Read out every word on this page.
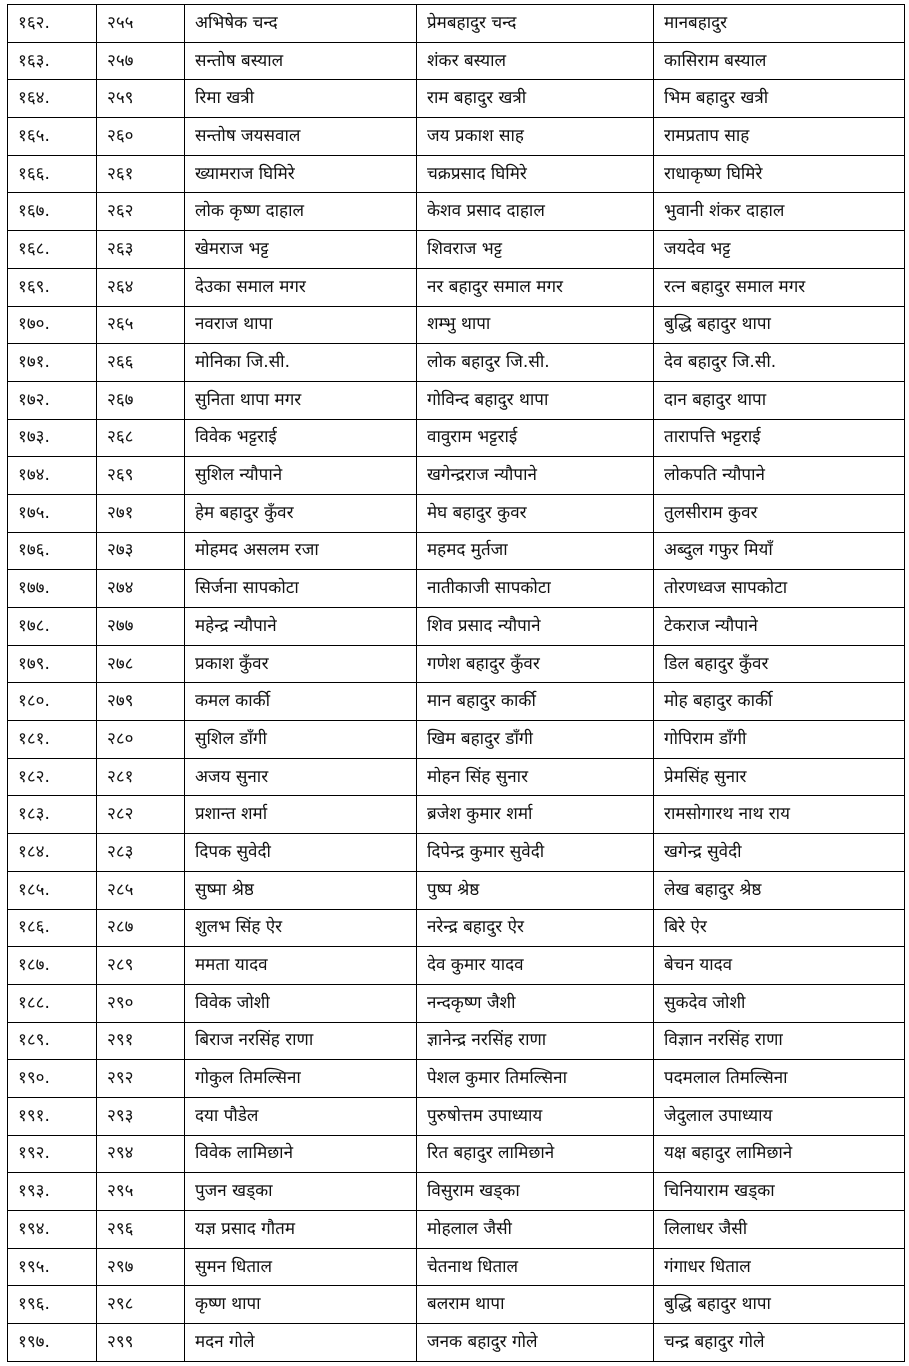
१६२.	२५५	अभिषेक चन्द	प्रेमबहादुर चन्द	मानबहादुर
१६३.	२५७	सन्तोष बस्याल	शंकर बस्याल	कासिराम बस्याल
१६४.	२५९	रिमा खत्री	राम बहादुर खत्री	भिम बहादुर खत्री
१६५.	२६०	सन्तोष जयसवाल	जय प्रकाश साह	रामप्रताप साह
१६६.	२६१	ख्यामराज घिमिरे	चक्रप्रसाद घिमिरे	राधाकृष्ण घिमिरे
१६७.	२६२	लोक कृष्ण दाहाल	केशव प्रसाद दाहाल	भुवानी शंकर दाहाल
१६८.	२६३	खेमराज भट्ट	शिवराज भट्ट	जयदेव भट्ट
१६९.	२६४	देउका समाल मगर	नर बहादुर समाल मगर	रत्न बहादुर समाल मगर
१७०.	२६५	नवराज थापा	शम्भु थापा	बुद्धि बहादुर थापा
१७१.	२६६	मोनिका जि.सी.	लोक बहादुर जि.सी.	देव बहादुर जि.सी.
१७२.	२६७	सुनिता थापा मगर	गोविन्द बहादुर थापा	दान बहादुर थापा
१७३.	२६८	विवेक भट्टराई	वावुराम भट्टराई	तारापत्ति भट्टराई
१७४.	२६९	सुशिल न्यौपाने	खगेन्द्रराज न्यौपाने	लोकपति न्यौपाने
१७५.	२७१	हेम बहादुर कुँवर	मेघ बहादुर कुवर	तुलसीराम कुवर
१७६.	२७३	मोहमद असलम रजा	महमद मुर्तजा	अब्दुल गफुर मियाँ
१७७.	२७४	सिर्जना सापकोटा	नातीकाजी सापकोटा	तोरणध्वज सापकोटा
१७८.	२७७	महेन्द्र न्यौपाने	शिव प्रसाद न्यौपाने	टेकराज न्यौपाने
१७९.	२७८	प्रकाश कुँवर	गणेश बहादुर कुँवर	डिल बहादुर कुँवर
१८०.	२७९	कमल कार्की	मान बहादुर कार्की	मोह बहादुर कार्की
१८१.	२८०	सुशिल डाँगी	खिम बहादुर डाँगी	गोपिराम डाँगी
१८२.	२८१	अजय सुनार	मोहन सिंह सुनार	प्रेमसिंह सुनार
१८३.	२८२	प्रशान्त शर्मा	ब्रजेश कुमार शर्मा	रामसोगारथ नाथ राय
१८४.	२८३	दिपक सुवेदी	दिपेन्द्र कुमार सुवेदी	खगेन्द्र सुवेदी
१८५.	२८५	सुष्मा श्रेष्ठ	पुष्प श्रेष्ठ	लेख बहादुर श्रेष्ठ
१८६.	२८७	शुलभ सिंह ऐर	नरेन्द्र बहादुर ऐर	बिरे ऐर
१८७.	२८९	ममता यादव	देव कुमार यादव	बेचन यादव
१८८.	२९०	विवेक जोशी	नन्दकृष्ण जैशी	सुकदेव जोशी
१८९.	२९१	बिराज नरसिंह राणा	ज्ञानेन्द्र नरसिंह राणा	विज्ञान नरसिंह राणा
१९०.	२९२	गोकुल तिमल्सिना	पेशल कुमार तिमल्सिना	पदमलाल तिमल्सिना
१९१.	२९३	दया पौडेल	पुरुषोत्तम उपाध्याय	जेदुलाल उपाध्याय
१९२.	२९४	विवेक लामिछाने	रित बहादुर लामिछाने	यक्ष बहादुर लामिछाने
१९३.	२९५	पुजन खड्का	विसुराम खड्का	चिनियाराम खड्का
१९४.	२९६	यज्ञ प्रसाद गौतम	मोहलाल जैसी	लिलाधर जैसी
१९५.	२९७	सुमन धिताल	चेतनाथ धिताल	गंगाधर धिताल
१९६.	२९८	कृष्ण थापा	बलराम थापा	बुद्धि बहादुर थापा
१९७.	२९९	मदन गोले	जनक बहादुर गोले	चन्द्र बहादुर गोले
